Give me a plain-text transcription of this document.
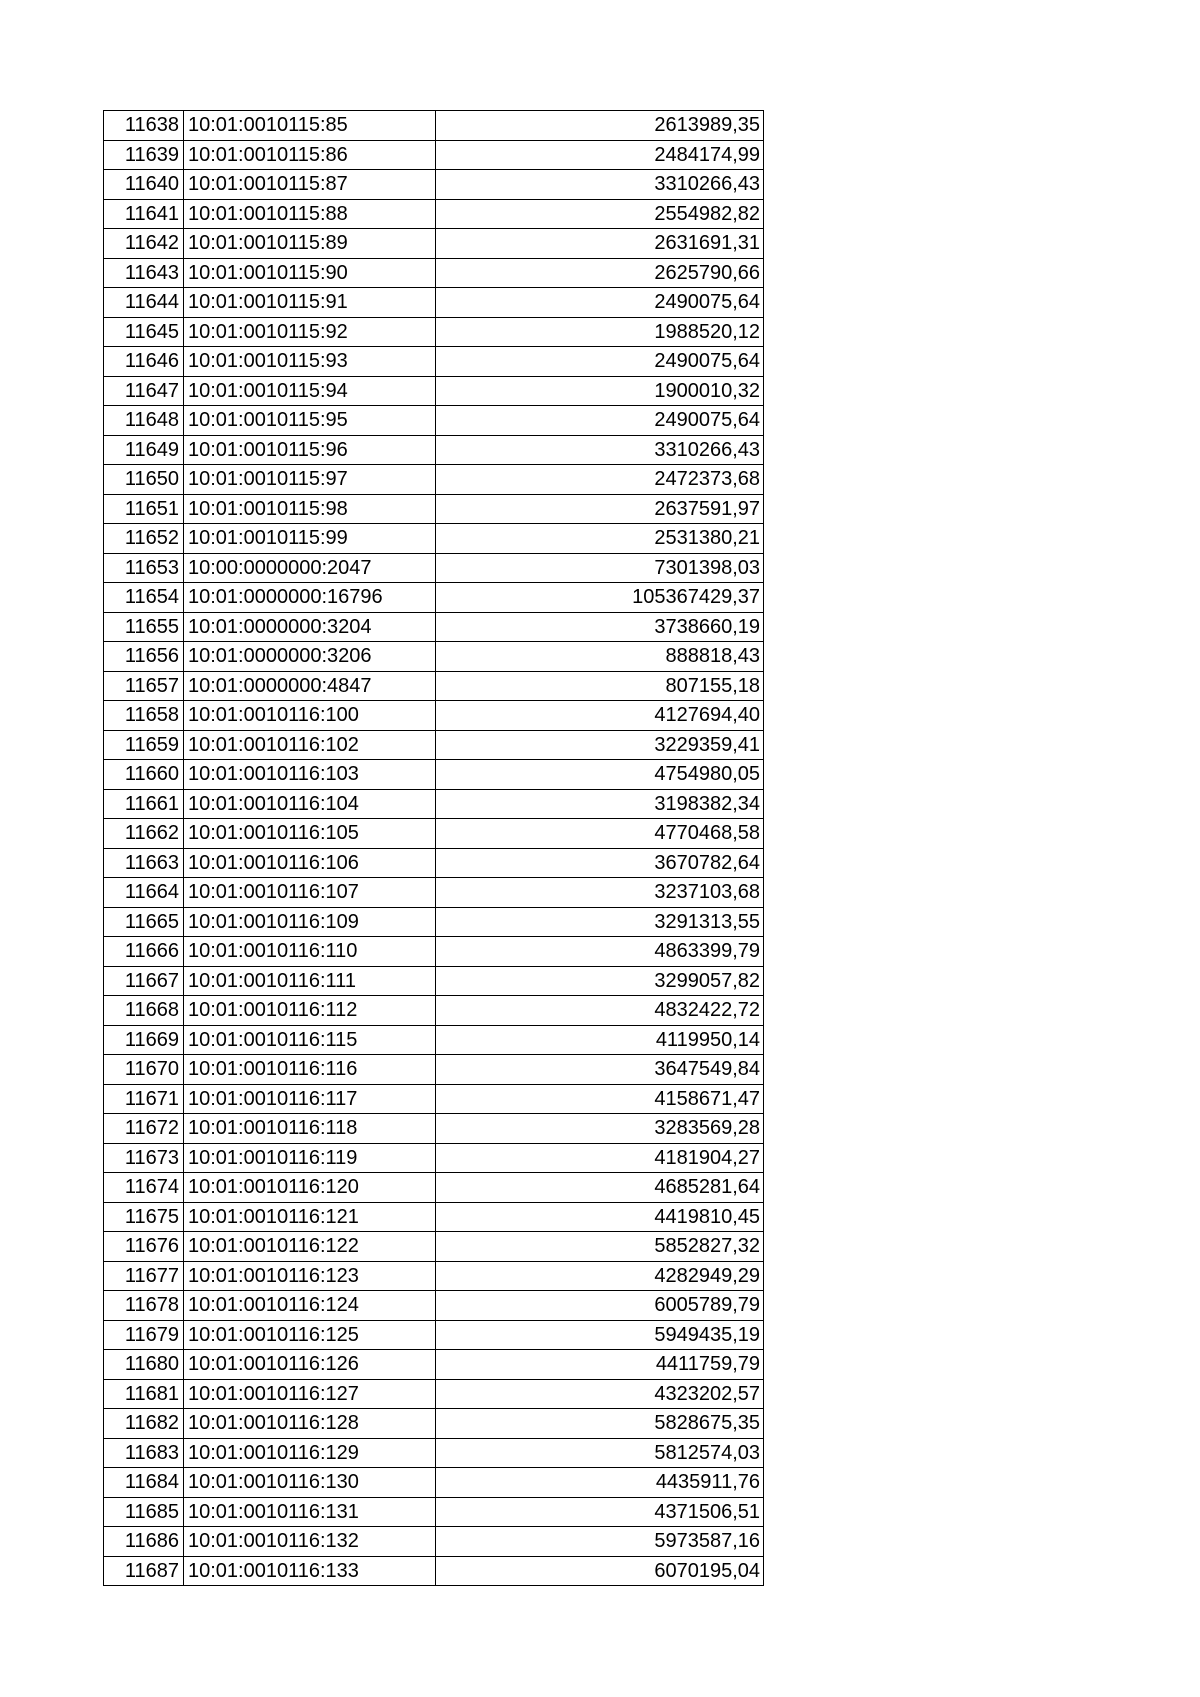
11638 10:01:0010115:85	2613989,35
11639 10:01:0010115:86	2484174,99
11640 10:01:0010115:87	3310266,43
11641 10:01:0010115:88	2554982,82
11642 10:01:0010115:89	2631691,31
11643 10:01:0010115:90	2625790,66
11644 10:01:0010115:91	2490075,64
11645 10:01:0010115:92	1988520,12
11646 10:01:0010115:93	2490075,64
11647 10:01:0010115:94	1900010,32
11648 10:01:0010115:95	2490075,64
11649 10:01:0010115:96	3310266,43
11650 10:01:0010115:97	2472373,68
11651 10:01:0010115:98	2637591,97
11652 10:01:0010115:99	2531380,21
11653 10:00:0000000:2047	7301398,03
11654 10:01:0000000:16796	105367429,37
11655 10:01:0000000:3204	3738660,19
11656 10:01:0000000:3206	888818,43
11657 10:01:0000000:4847	807155,18
11658 10:01:0010116:100	4127694,40
11659 10:01:0010116:102	3229359,41
11660 10:01:0010116:103	4754980,05
11661 10:01:0010116:104	3198382,34
11662 10:01:0010116:105	4770468,58
11663 10:01:0010116:106	3670782,64
11664 10:01:0010116:107	3237103,68
11665 10:01:0010116:109	3291313,55
11666 10:01:0010116:110	4863399,79
11667 10:01:0010116:111	3299057,82
11668 10:01:0010116:112	4832422,72
11669 10:01:0010116:115	4119950,14
11670 10:01:0010116:116	3647549,84
11671 10:01:0010116:117	4158671,47
11672 10:01:0010116:118	3283569,28
11673 10:01:0010116:119	4181904,27
11674 10:01:0010116:120	4685281,64
11675 10:01:0010116:121	4419810,45
11676 10:01:0010116:122	5852827,32
11677 10:01:0010116:123	4282949,29
11678 10:01:0010116:124	6005789,79
11679 10:01:0010116:125	5949435,19
11680 10:01:0010116:126	4411759,79
11681 10:01:0010116:127	4323202,57
11682 10:01:0010116:128	5828675,35
11683 10:01:0010116:129	5812574,03
11684 10:01:0010116:130	4435911,76
11685 10:01:0010116:131	4371506,51
11686 10:01:0010116:132	5973587,16
11687 10:01:0010116:133	6070195,04
